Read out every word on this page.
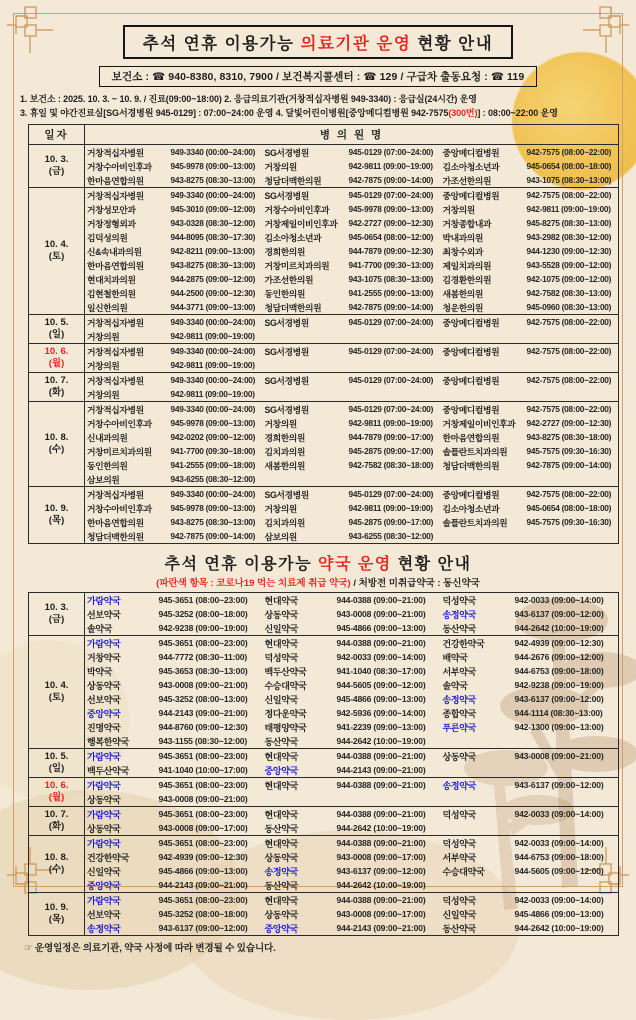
추석 연휴 이용가능 의료기관 운영 현황 안내
보건소 : ☎ 940-8380, 8310, 7900 / 보건복지콜센터 : ☎ 129 / 구급차 출동요청 : ☎ 119
1. 보건소 : 2025. 10. 3. ~ 10. 9. / 진료(09:00~18:00) 2. 응급의료기관(거창적십자병원 949-3340) : 응급실(24시간) 운영
3. 휴일 및 야간진료실[SG서경병원 945-0129] : 07:00~24:00 운영 4. 달빛어린이병원[중앙메디컬병원 942-7575(300번)] : 08:00~22:00 운영
일자	병 의 원 명					

10. 3.
(금)	거창적십자병원	949-3340 (00:00~24:00)	SG서경병원	945-0129 (07:00~24:00)	중앙메디컬병원	942-7575 (08:00~22:00)
	거창수아비인후과	945-9978 (09:00~13:00)	거창의원	942-9811 (09:00~19:00)	김소아청소년과	945-0654 (08:00~18:00)
	한마음연합의원	943-8275 (08:30~13:00)	청담더맥한의원	942-7875 (09:00~14:00)	가조선한의원	943-1075 (08:30~13:00)

10. 4.
(토)	거창적십자병원	949-3340 (00:00~24:00)	SG서경병원	945-0129 (07:00~24:00)	중앙메디컬병원	942-7575 (08:00~22:00)
	거창성모안과	945-3010 (09:00~12:00)	거창수아비인후과	945-9978 (09:00~13:00)	거창의원	942-9811 (09:00~19:00)
	거창정형외과	943-0328 (08:30~12:00)	거창제일이비인후과	942-2727 (09:00~12:30)	거창종합내과	945-8275 (08:30~13:00)
	김덕성의원	944-8095 (08:30~17:30)	김소아청소년과	945-0654 (08:00~12:00)	박내과의원	943-2982 (08:30~12:00)
	신&속내과의원	942-8211 (09:00~13:00)	경희한의원	944-7879 (09:00~12:30)	최창수외과	944-1230 (09:00~12:30)
	한마음연합의원	943-8275 (08:30~13:00)	거창미르치과의원	941-7700 (09:30~13:00)	제일치과의원	943-5528 (09:00~12:00)
	현대치과의원	944-2875 (09:00~12:00)	가조선한의원	943-1075 (08:30~13:00)	김경환한의원	942-1075 (09:00~12:00)
	김현철한의원	944-2500 (09:00~12:30)	동인한의원	941-2555 (09:00~13:00)	새봄한의원	942-7582 (08:30~13:00)
	일신한의원	944-3771 (09:00~13:00)	청담더맥한의원	942-7875 (09:00~14:00)	청운한의원	945-0960 (08:30~13:00)

10. 5.
(일)	거창적십자병원	949-3340 (00:00~24:00)	SG서경병원	945-0129 (07:00~24:00)	중앙메디컬병원	942-7575 (08:00~22:00)
	거창의원	942-9811 (09:00~19:00)				

10. 6.
(월)	거창적십자병원	949-3340 (00:00~24:00)	SG서경병원	945-0129 (07:00~24:00)	중앙메디컬병원	942-7575 (08:00~22:00)
	거창의원	942-9811 (09:00~19:00)				

10. 7.
(화)	거창적십자병원	949-3340 (00:00~24:00)	SG서경병원	945-0129 (07:00~24:00)	중앙메디컬병원	942-7575 (08:00~22:00)
	거창의원	942-9811 (09:00~19:00)				

10. 8.
(수)	거창적십자병원	949-3340 (00:00~24:00)	SG서경병원	945-0129 (07:00~24:00)	중앙메디컬병원	942-7575 (08:00~22:00)
	거창수아비인후과	945-9978 (09:00~13:00)	거창의원	942-9811 (09:00~19:00)	거창제일이비인후과	942-2727 (09:00~12:30)
	신내과의원	942-0202 (09:00~12:00)	경희한의원	944-7879 (09:00~17:00)	한마음연합의원	943-8275 (08:30~18:00)
	거창미르치과의원	941-7700 (09:30~18:00)	김치과의원	945-2875 (09:00~17:00)	솔플란트치과의원	945-7575 (09:30~16:30)
	동인한의원	941-2555 (09:00~18:00)	새봄한의원	942-7582 (08:30~18:00)	청담더맥한의원	942-7875 (09:00~14:00)
	삼보의원	943-6255 (08:30~12:00)				

10. 9.
(목)	거창적십자병원	949-3340 (00:00~24:00)	SG서경병원	945-0129 (07:00~24:00)	중앙메디컬병원	942-7575 (08:00~22:00)
	거창수아비인후과	945-9978 (09:00~13:00)	거창의원	942-9811 (09:00~19:00)	김소아청소년과	945-0654 (08:00~18:00)
	한마음연합의원	943-8275 (08:30~13:00)	김치과의원	945-2875 (09:00~17:00)	솔플란트치과의원	945-7575 (09:30~16:30)
	청담더맥한의원	942-7875 (09:00~14:00)	삼보의원	943-6255 (08:30~12:00)		
추석 연휴 이용가능 약국 운영 현황 안내
(파란색 항목 : 코로나19 먹는 치료제 취급 약국) / 처방전 미취급약국 : 동신약국
10. 3.
(금)	가람약국	945-3651 (08:00~23:00)	현대약국	944-0388 (09:00~21:00)	덕성약국	942-0033 (09:00~14:00)
	선보약국	945-3252 (08:00~18:00)	상동약국	943-0008 (09:00~21:00)	송정약국	943-6137 (09:00~12:00)
	솔약국	942-9238 (09:00~19:00)	신일약국	945-4866 (09:00~13:00)	동산약국	944-2642 (10:00~19:00)

10. 4.
(토)	가람약국	945-3651 (08:00~23:00)	현대약국	944-0388 (09:00~21:00)	건강한약국	942-4939 (09:00~12:30)
	거창약국	944-7772 (08:30~11:00)	덕성약국	942-0033 (09:00~14:00)	배약국	944-2676 (09:00~12:00)
	박약국	945-3653 (08:30~13:00)	백두산약국	941-1040 (08:30~17:00)	서부약국	944-6753 (09:00~18:00)
	상동약국	943-0008 (09:00~21:00)	수승대약국	944-5605 (09:00~12:00)	솔약국	942-9238 (09:00~19:00)
	선보약국	945-3252 (08:00~13:00)	신일약국	945-4866 (09:00~13:00)	송정약국	943-6137 (09:00~12:00)
	중앙약국	944-2143 (09:00~21:00)	정다운약국	942-5936 (09:00~14:00)	종합약국	944-1114 (08:30~13:00)
	진명약국	944-8760 (09:00~12:30)	태평양약국	941-2239 (09:00~13:00)	푸른약국	942-1300 (09:00~13:00)
	행복한약국	943-1155 (08:30~12:00)	동산약국	944-2642 (10:00~19:00)		

10. 5.
(일)	가람약국	945-3651 (08:00~23:00)	현대약국	944-0388 (09:00~21:00)	상동약국	943-0008 (09:00~21:00)
	백두산약국	941-1040 (10:00~17:00)	중앙약국	944-2143 (09:00~21:00)		

10. 6.
(월)	가람약국	945-3651 (08:00~23:00)	현대약국	944-0388 (09:00~21:00)	송정약국	943-6137 (09:00~12:00)
	상동약국	943-0008 (09:00~21:00)				

10. 7.
(화)	가람약국	945-3651 (08:00~23:00)	현대약국	944-0388 (09:00~21:00)	덕성약국	942-0033 (09:00~14:00)
	상동약국	943-0008 (09:00~17:00)	동산약국	944-2642 (10:00~19:00)		

10. 8.
(수)	가람약국	945-3651 (08:00~23:00)	현대약국	944-0388 (09:00~21:00)	덕성약국	942-0033 (09:00~14:00)
	건강한약국	942-4939 (09:00~12:30)	상동약국	943-0008 (09:00~17:00)	서부약국	944-6753 (09:00~18:00)
	신일약국	945-4866 (09:00~13:00)	송정약국	943-6137 (09:00~12:00)	수승대약국	944-5605 (09:00~12:00)
	중앙약국	944-2143 (09:00~21:00)	동산약국	944-2642 (10:00~19:00)		

10. 9.
(목)	가람약국	945-3651 (08:00~23:00)	현대약국	944-0388 (09:00~21:00)	덕성약국	942-0033 (09:00~14:00)
	선보약국	945-3252 (08:00~18:00)	상동약국	943-0008 (09:00~17:00)	신일약국	945-4866 (09:00~13:00)
	송정약국	943-6137 (09:00~12:00)	중앙약국	944-2143 (09:00~21:00)	동산약국	944-2642 (10:00~19:00)
☞ 운영일정은 의료기관, 약국 사정에 따라 변경될 수 있습니다.
